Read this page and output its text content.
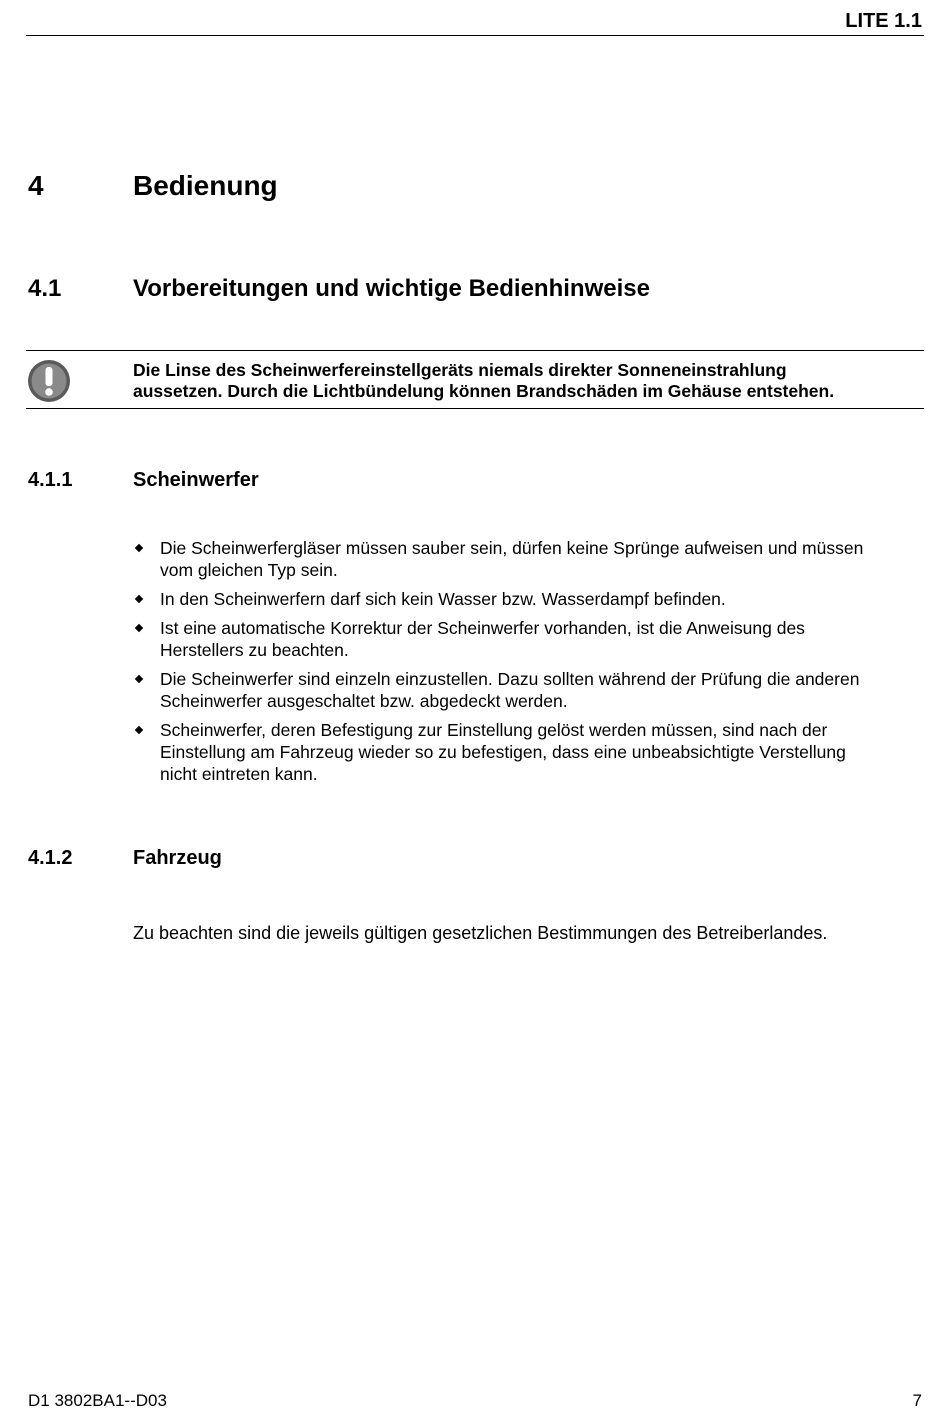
LITE 1.1
4	Bedienung
4.1	Vorbereitungen und wichtige Bedienhinweise
Die Linse des Scheinwerfereinstellgeräts niemals direkter Sonneneinstrahlung
aussetzen. Durch die Lichtbündelung können Brandschäden im Gehäuse entstehen.
4.1.1	Scheinwerfer
Die Scheinwerfergläser müssen sauber sein, dürfen keine Sprünge aufweisen und müssen
vom gleichen Typ sein.
In den Scheinwerfern darf sich kein Wasser bzw. Wasserdampf befinden.
Ist eine automatische Korrektur der Scheinwerfer vorhanden, ist die Anweisung des
Herstellers zu beachten.
Die Scheinwerfer sind einzeln einzustellen. Dazu sollten während der Prüfung die anderen
Scheinwerfer ausgeschaltet bzw. abgedeckt werden.
Scheinwerfer, deren Befestigung zur Einstellung gelöst werden müssen, sind nach der
Einstellung am Fahrzeug wieder so zu befestigen, dass eine unbeabsichtigte Verstellung
nicht eintreten kann.
4.1.2	Fahrzeug
Zu beachten sind die jeweils gültigen gesetzlichen Bestimmungen des Betreiberlandes.
D1 3802BA1--D03	7
